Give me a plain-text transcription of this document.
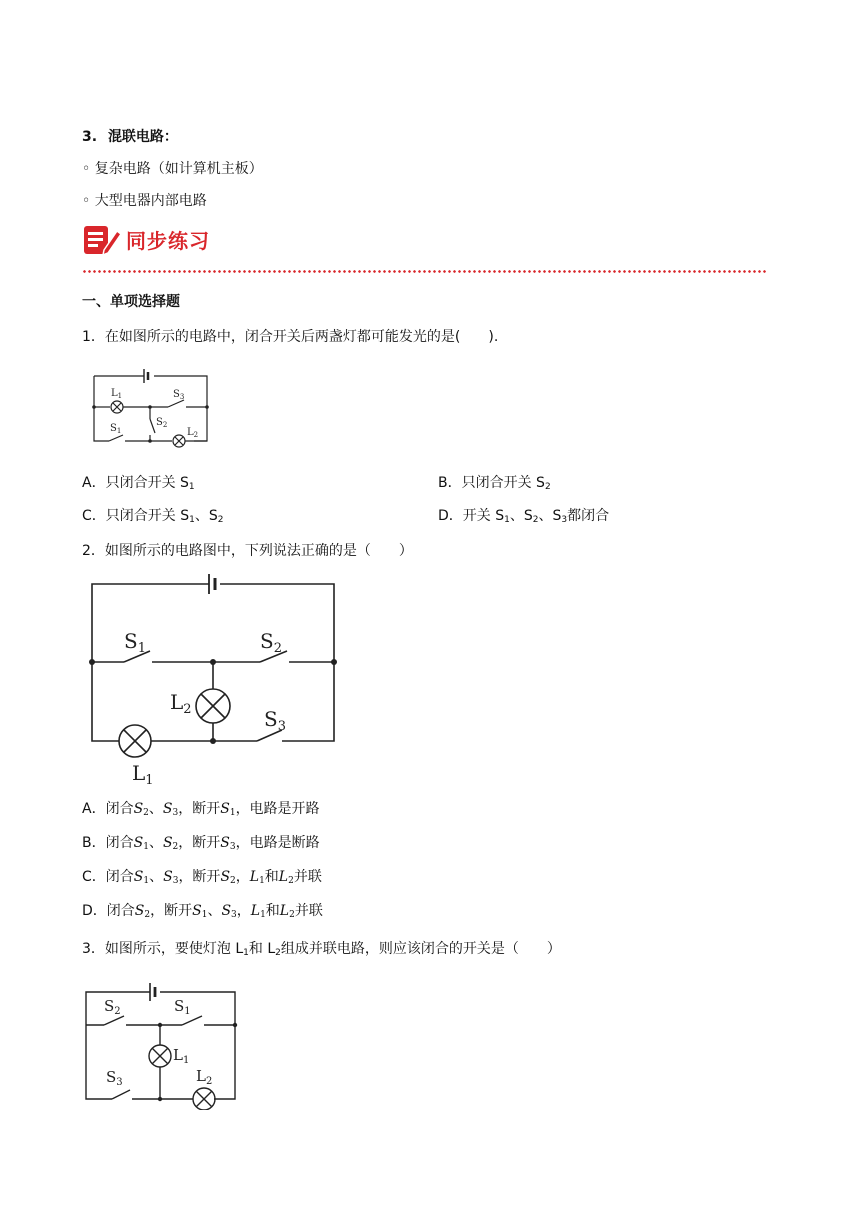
3. 混联电路：
◦ 复杂电路（如计算机主板）
◦ 大型电器内部电路
同步练习
一、单项选择题
1．在如图所示的电路中，闭合开关后两盏灯都可能发光的是(　　).
$L_1$	$S_3$
$S_2$
$S_1$	$L_2$
A．只闭合开关 $S_1$	B．只闭合开关 $S_2$
C．只闭合开关 $S_1$、$S_2$	D．开关 $S_1$、$S_2$、$S_3$都闭合
2．如图所示的电路图中，下列说法正确的是（　　）
$S_1$	$S_2$
$L_2$	$S_3$
$L_1$
A．闭合$S_2$、$S_3$，断开$S_1$，电路是开路
B．闭合$S_1$、$S_2$，断开$S_3$，电路是断路
C．闭合$S_1$、$S_3$，断开$S_2$，$L_1$和$L_2$并联
D．闭合$S_2$，断开$S_1$、$S_3$，$L_1$和$L_2$并联
3．如图所示，要使灯泡 $L_1$和 $L_2$组成并联电路，则应该闭合的开关是（　　）
$S_2$	$S_1$
$L_1$
$S_3$	$L_2$
